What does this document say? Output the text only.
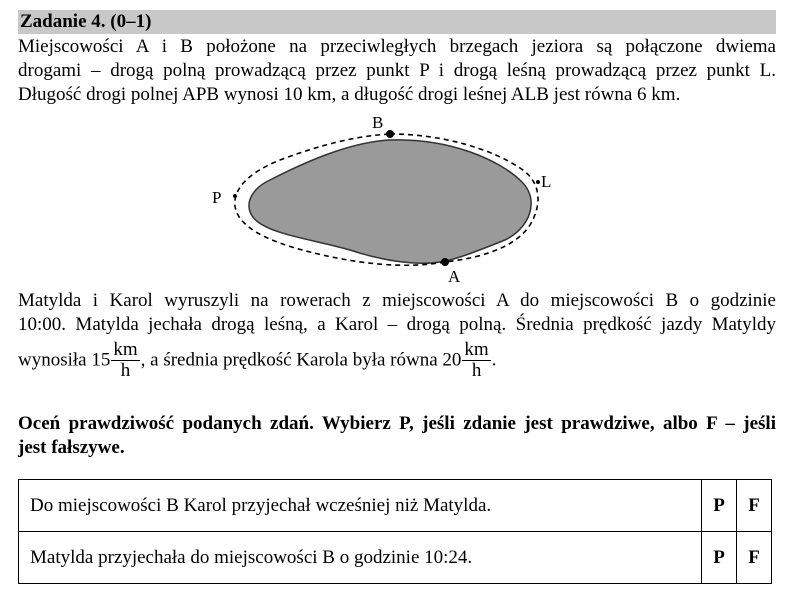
Zadanie 4. (0–1)
Miejscowości A i B położone na przeciwległych brzegach jeziora są połączone dwiema
drogami – drogą polną prowadzącą przez punkt P i drogą leśną prowadzącą przez punkt L.
Długość drogi polnej APB wynosi 10 km, a długość drogi leśnej ALB jest równa 6 km.
B
P
L
A
Matylda i Karol wyruszyli na rowerach z miejscowości A do miejscowości B o godzinie
10:00. Matylda jechała drogą leśną, a Karol – drogą polną. Średnia prędkość jazdy Matyldy
wynosiła $15 \frac{km}{h}$ , a średnia prędkość Karola była równa $20 \frac{km}{h}$ .
Oceń prawdziwość podanych zdań. Wybierz P, jeśli zdanie jest prawdziwe, albo F – jeśli
jest fałszywe.
Do miejscowości B Karol przyjechał wcześniej niż Matylda.	P	F
Matylda przyjechała do miejscowości B o godzinie 10:24.	P	F
